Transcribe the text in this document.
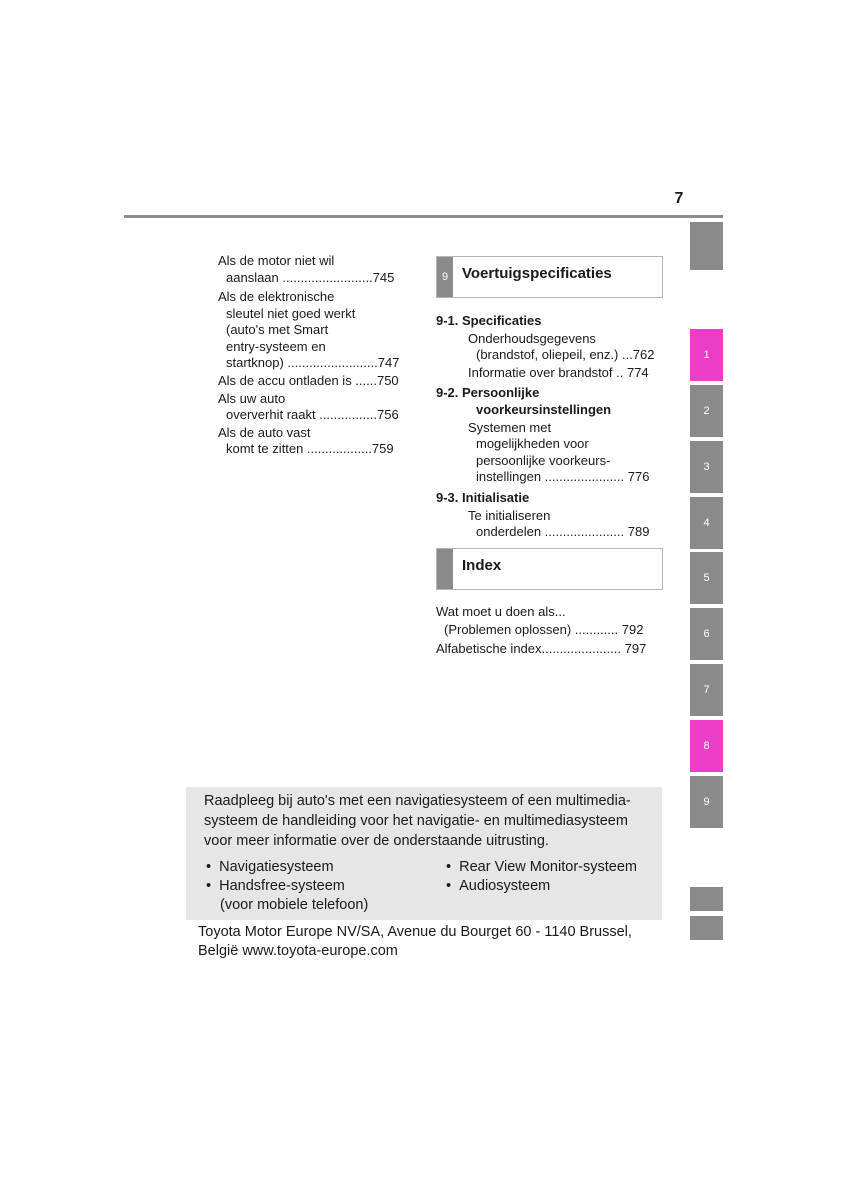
7
Als de motor niet wil
aanslaan .........................745
Als de elektronische
sleutel niet goed werkt
(auto's met Smart
entry-systeem en
startknop) .........................747
Als de accu ontladen is ......750
Als uw auto
oververhit raakt ................756
Als de auto vast
komt te zitten ..................759
9 Voertuigspecificaties
9-1. Specificaties
Onderhoudsgegevens
(brandstof, oliepeil, enz.) ...762
Informatie over brandstof .. 774
9-2. Persoonlijke
voorkeursinstellingen
Systemen met
mogelijkheden voor
persoonlijke voorkeurs-
instellingen ...................... 776
9-3. Initialisatie
Te initialiseren
onderdelen ...................... 789
Index
Wat moet u doen als...
(Problemen oplossen) ............ 792
Alfabetische index...................... 797
1
2
3
4
5
6
7
8
9
Raadpleeg bij auto's met een navigatiesysteem of een multimedia-
systeem de handleiding voor het navigatie- en multimediasysteem
voor meer informatie over de onderstaande uitrusting.
•  Navigatiesysteem
•  Handsfree-systeem
(voor mobiele telefoon)
•  Rear View Monitor-systeem
•  Audiosysteem
Toyota Motor Europe NV/SA, Avenue du Bourget 60 - 1140 Brussel,
België www.toyota-europe.com
